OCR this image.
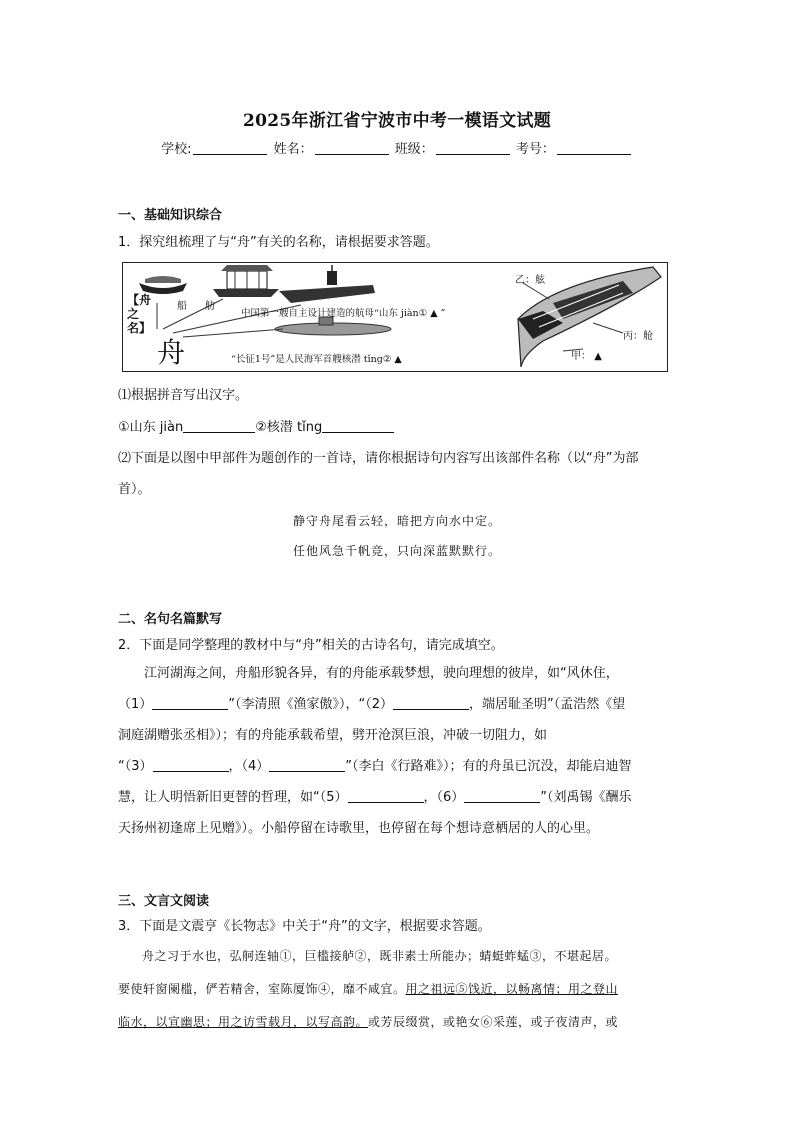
2025年浙江省宁波市中考一模语文试题
学校:	姓名：	班级：	考号：
一、基础知识综合
1．探究组梳理了与“舟”有关的名称，请根据要求答题。
【舟之名】
舟
船 舫
中国第一艘自主设计建造的航母“山东 jiàn① ▲ ”
“长征1号”是人民海军首艘核潜 tǐng② ▲
乙：舷
丙：舱
甲： ▲
⑴根据拼音写出汉字。
①山东 jiàn	②核潜 tǐng
⑵下面是以图中甲部件为题创作的一首诗，请你根据诗句内容写出该部件名称（以“舟”为部
首）。
静守舟尾看云轻，暗把方向水中定。
任他风急千帆竞，只向深蓝默默行。
二、名句名篇默写
2．下面是同学整理的教材中与“舟”相关的古诗名句，请完成填空。
江河湖海之间，舟船形貌各异，有的舟能承载梦想，驶向理想的彼岸，如“风休住，
（1）	”（李清照《渔家傲》），“（2）	，端居耻圣明”（孟浩然《望
洞庭湖赠张丞相》）；有的舟能承载希望，劈开沧溟巨浪，冲破一切阻力，如
“（3）	，（4）	”（李白《行路难》）；有的舟虽已沉没，却能启迪智
慧，让人明悟新旧更替的哲理，如“（5）	，（6）	”（刘禹锡《酬乐
天扬州初逢席上见赠》）。小船停留在诗歌里，也停留在每个想诗意栖居的人的心里。
三、文言文阅读
3．下面是文震亨《长物志》中关于“舟”的文字，根据要求答题。
舟之习于水也，弘舸连轴①，巨槛接舻②，既非素士所能办；蜻蜓蚱蜢③，不堪起居。
要使轩窗阑槛，俨若精舍，室陈厦饰④，靡不咸宜。用之祖远⑤饯近，以畅离情；用之登山
临水，以宣幽思；用之访雪载月，以写高韵。或芳辰缀赏，或艳女⑥采莲，或子夜清声，或
